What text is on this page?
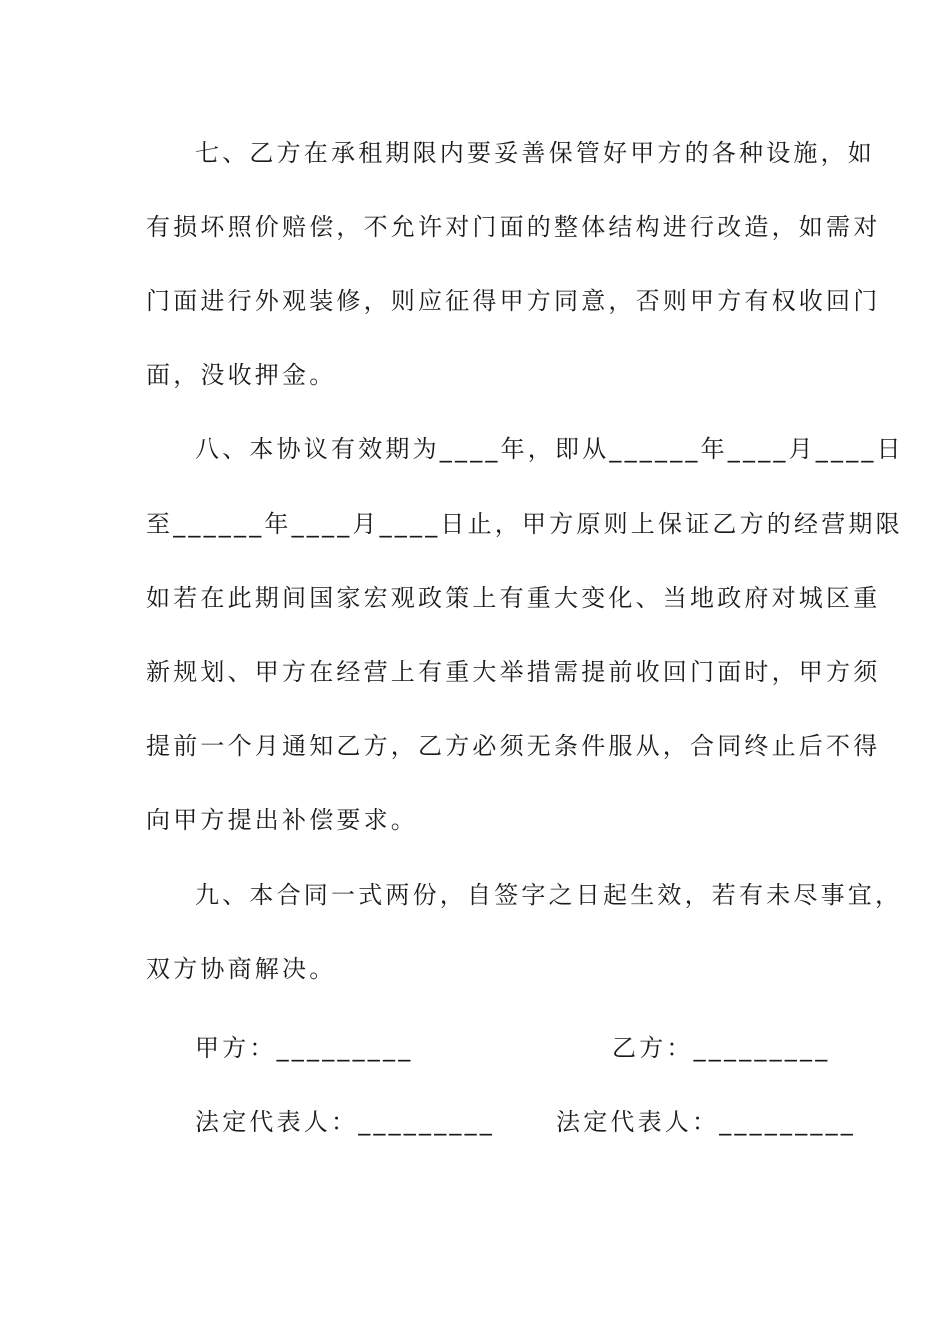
七、乙方在承租期限内要妥善保管好甲方的各种设施，如
有损坏照价赔偿，不允许对门面的整体结构进行改造，如需对
门面进行外观装修，则应征得甲方同意，否则甲方有权收回门
面，没收押金。
八、本协议有效期为____年，即从______年____月____日
至______年____月____日止，甲方原则上保证乙方的经营期限
如若在此期间国家宏观政策上有重大变化、当地政府对城区重
新规划、甲方在经营上有重大举措需提前收回门面时，甲方须
提前一个月通知乙方，乙方必须无条件服从，合同终止后不得
向甲方提出补偿要求。
九、本合同一式两份，自签字之日起生效，若有未尽事宜，
双方协商解决。
甲方：_________	乙方：_________
法定代表人：_________	法定代表人：_________
